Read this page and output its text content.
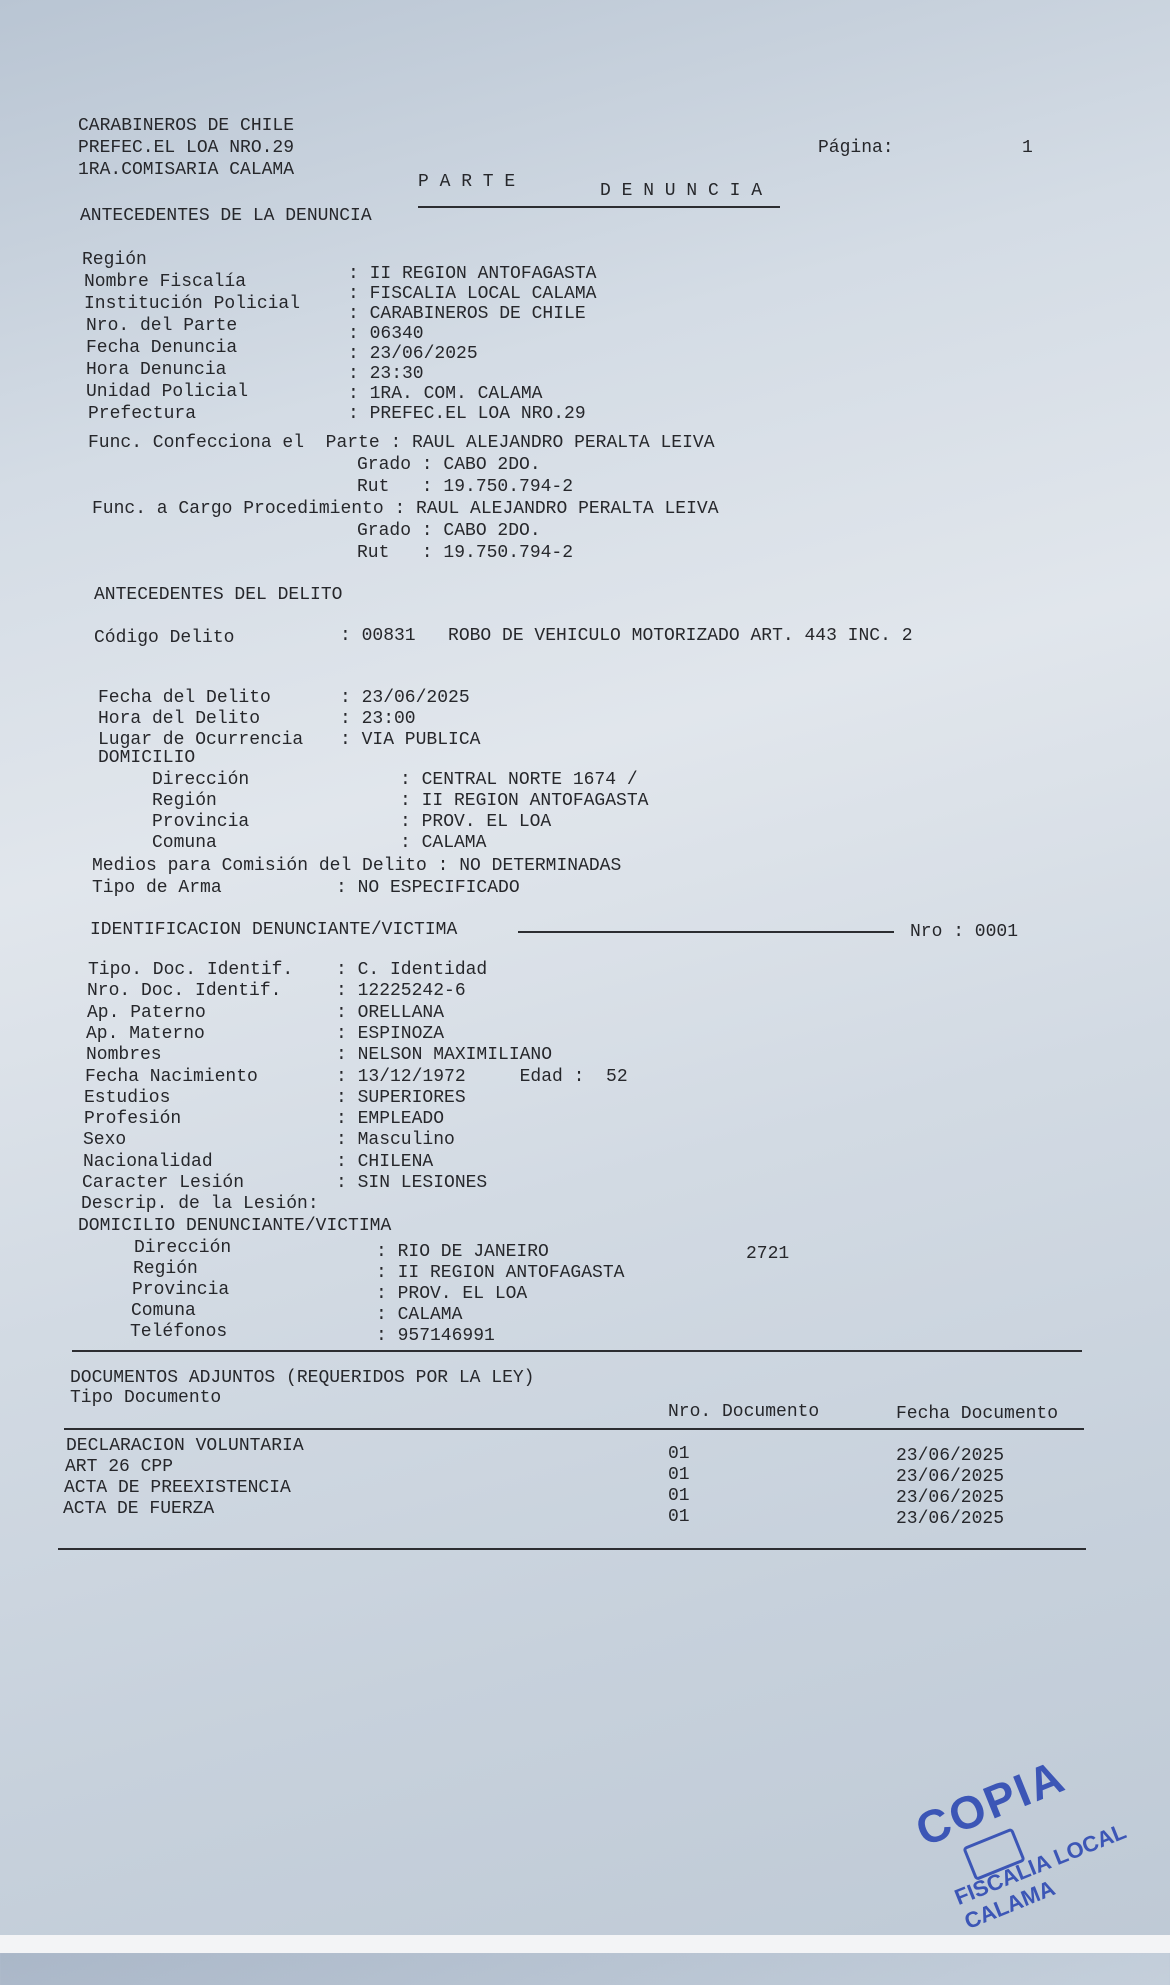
CARABINEROS DE CHILE
PREFEC.EL LOA NRO.29
1RA.COMISARIA CALAMA
Página:	1
P A R T E	D E N U N C I A
ANTECEDENTES DE LA DENUNCIA
Región
: II REGION ANTOFAGASTA
Nombre Fiscalía
: FISCALIA LOCAL CALAMA
Institución Policial	: CARABINEROS DE CHILE
Nro. del Parte	: 06340
Fecha Denuncia	: 23/06/2025
Hora Denuncia	: 23:30
Unidad Policial	: 1RA. COM. CALAMA
Prefectura	: PREFEC.EL LOA NRO.29
Func. Confecciona el  Parte : RAUL ALEJANDRO PERALTA LEIVA
Grado : CABO 2DO.
Rut   : 19.750.794-2
Func. a Cargo Procedimiento : RAUL ALEJANDRO PERALTA LEIVA
Grado : CABO 2DO.
Rut   : 19.750.794-2
ANTECEDENTES DEL DELITO
Código Delito	: 00831   ROBO DE VEHICULO MOTORIZADO ART. 443 INC. 2
Fecha del Delito	: 23/06/2025
Hora del Delito	: 23:00
Lugar de Ocurrencia : VIA PUBLICA
DOMICILIO
Dirección	: CENTRAL NORTE 1674 /
Región	: II REGION ANTOFAGASTA
Provincia	: PROV. EL LOA
Comuna	: CALAMA
Medios para Comisión del Delito : NO DETERMINADAS
Tipo de Arma	: NO ESPECIFICADO
IDENTIFICACION DENUNCIANTE/VICTIMA	Nro : 0001
Tipo. Doc. Identif. : C. Identidad
Nro. Doc. Identif.	: 12225242-6
Ap. Paterno	: ORELLANA
Ap. Materno	: ESPINOZA
Nombres	: NELSON MAXIMILIANO
Fecha Nacimiento	: 13/12/1972     Edad :  52
Estudios	: SUPERIORES
Profesión	: EMPLEADO
Sexo	: Masculino
Nacionalidad	: CHILENA
Caracter Lesión	: SIN LESIONES
Descrip. de la Lesión:
DOMICILIO DENUNCIANTE/VICTIMA
Dirección	: RIO DE JANEIRO	2721
Región	: II REGION ANTOFAGASTA
Provincia	: PROV. EL LOA
Comuna	: CALAMA
Teléfonos	: 957146991
DOCUMENTOS ADJUNTOS (REQUERIDOS POR LA LEY)
Tipo Documento
Nro. Documento	Fecha Documento
DECLARACION VOLUNTARIA	01	23/06/2025
ART 26 CPP	01	23/06/2025
ACTA DE PREEXISTENCIA	01	23/06/2025
ACTA DE FUERZA	01	23/06/2025
COPIA
FISCALIA LOCAL CALAMA
